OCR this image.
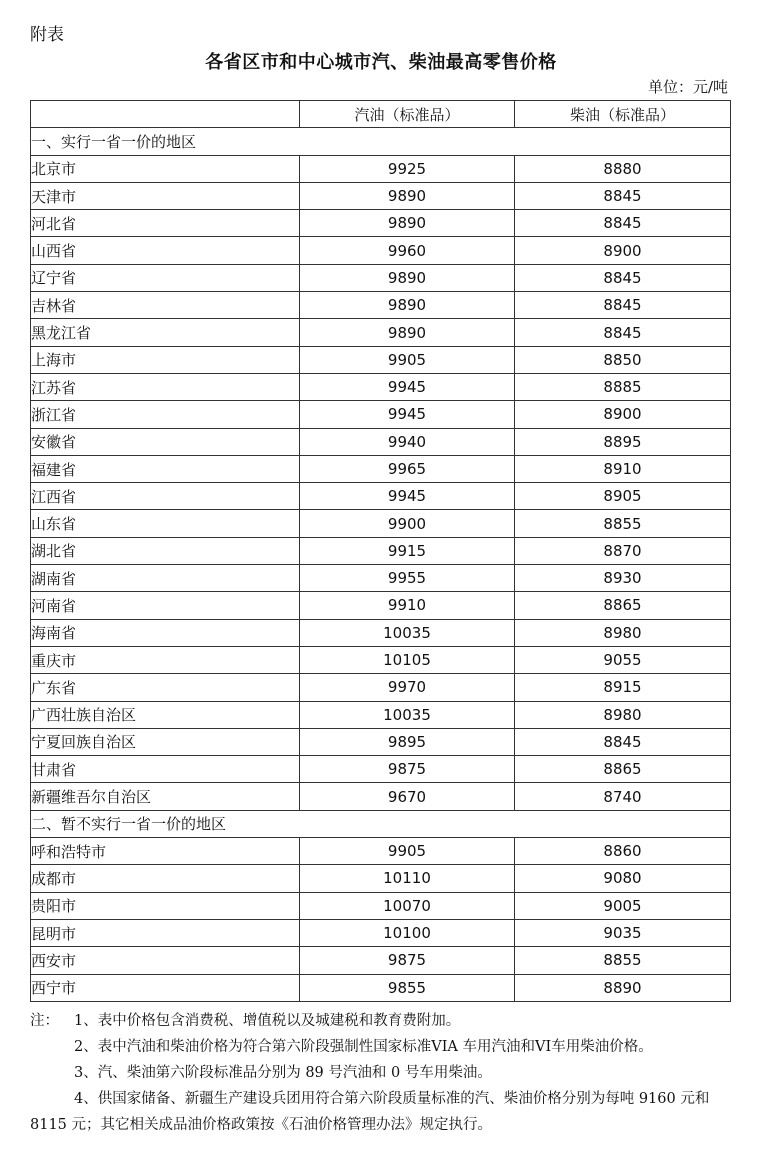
附表
各省区市和中心城市汽、柴油最高零售价格
单位：元/吨
	汽油（标准品）	柴油（标准品）
一、实行一省一价的地区		
北京市	9925	8880
天津市	9890	8845
河北省	9890	8845
山西省	9960	8900
辽宁省	9890	8845
吉林省	9890	8845
黑龙江省	9890	8845
上海市	9905	8850
江苏省	9945	8885
浙江省	9945	8900
安徽省	9940	8895
福建省	9965	8910
江西省	9945	8905
山东省	9900	8855
湖北省	9915	8870
湖南省	9955	8930
河南省	9910	8865
海南省	10035	8980
重庆市	10105	9055
广东省	9970	8915
广西壮族自治区	10035	8980
宁夏回族自治区	9895	8845
甘肃省	9875	8865
新疆维吾尔自治区	9670	8740
二、暂不实行一省一价的地区		
呼和浩特市	9905	8860
成都市	10110	9080
贵阳市	10070	9005
昆明市	10100	9035
西安市	9875	8855
西宁市	9855	8890
注：	1、表中价格包含消费税、增值税以及城建税和教育费附加。
2、表中汽油和柴油价格为符合第六阶段强制性国家标准VIA 车用汽油和VI车用柴油价格。
3、汽、柴油第六阶段标准品分别为 89 号汽油和 0 号车用柴油。
4、供国家储备、新疆生产建设兵团用符合第六阶段质量标准的汽、柴油价格分别为每吨 9160 元和 8115 元；其它相关成品油价格政策按《石油价格管理办法》规定执行。
